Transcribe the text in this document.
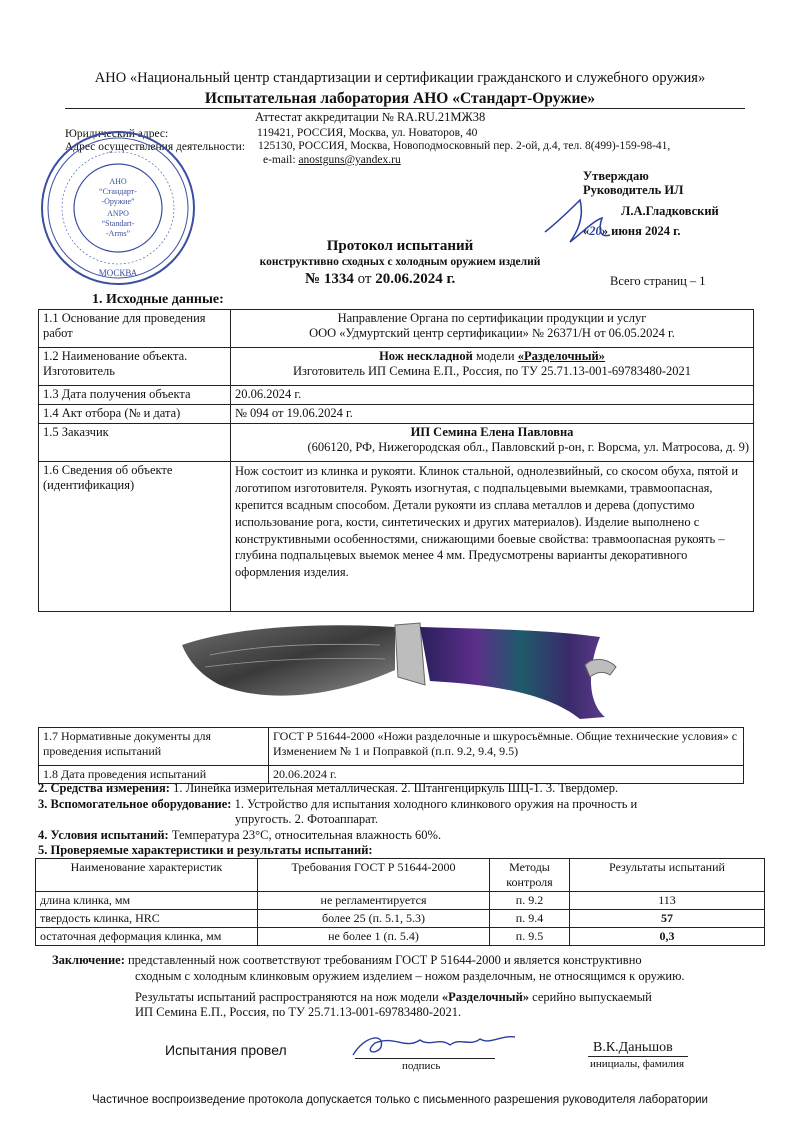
АНО «Национальный центр стандартизации и сертификации гражданского и служебного оружия»
Испытательная лаборатория АНО «Стандарт-Оружие»
Аттестат аккредитации № RA.RU.21МЖ38
Юридический адрес:	119421, РОССИЯ, Москва, ул. Новаторов, 40
Адрес осуществления деятельности: 125130, РОССИЯ, Москва, Новоподмосковный пер. 2-ой, д.4, тел. 8(499)-159-98-41,
e-mail: anostguns@yandex.ru
АНО
“Стандарт-
-Оружие”
ANPO
“Standart-
-Arms”
МОСКВА
Утверждаю
Руководитель ИЛ
Л.А.Гладковский
«20» июня 2024 г.
Протокол испытаний
конструктивно сходных с холодным оружием изделий
№ 1334 от 20.06.2024 г.	Всего страниц – 1
1. Исходные данные:
1.1 Основание для проведения работ	Направление Органа по сертификации продукции и услуг
ООО «Удмуртский центр сертификации» № 26371/Н от 06.05.2024 г.

1.2 Наименование объекта. Изготовитель	Нож нескладной модели «Разделочный»
Изготовитель ИП Семина Е.П., Россия, по ТУ 25.71.13-001-69783480-2021

1.3 Дата получения объекта	20.06.2024 г.
1.4 Акт отбора (№ и дата)	№ 094 от 19.06.2024 г.
1.5 Заказчик	ИП Семина Елена Павловна
(606120, РФ, Нижегородская обл., Павловский р-он, г. Ворсма, ул. Матросова, д. 9)

1.6 Сведения об объекте (идентификация)	Нож состоит из клинка и рукояти. Клинок стальной, однолезвийный, со скосом обуха, пятой и логотипом изготовителя. Рукоять изогнутая, с подпальцевыми выемками, травмоопасная, крепится всадным способом. Детали рукояти из сплава металлов и дерева (допустимо использование рога, кости, синтетических и других материалов). Изделие выполнено с конструктивными особенностями, снижающими боевые свойства: травмоопасная рукоять – глубина подпальцевых выемок менее 4 мм. Предусмотрены варианты декоративного оформления изделия.
1.7 Нормативные документы для проведения испытаний	ГОСТ Р 51644-2000 «Ножи разделочные и шкуросъёмные. Общие технические условия» с Изменением № 1 и Поправкой (п.п. 9.2, 9.4, 9.5)
1.8 Дата проведения испытаний	20.06.2024 г.
2. Средства измерения: 1. Линейка измерительная металлическая. 2. Штангенциркуль ШЦ-1. 3. Твердомер.
3. Вспомогательное оборудование: 1. Устройство для испытания холодного клинкового оружия на прочность и
упругость. 2. Фотоаппарат.
4. Условия испытаний: Температура 23°С, относительная влажность 60%.
5. Проверяемые характеристики и результаты испытаний:
Наименование характеристик	Требования ГОСТ Р 51644-2000	Методы контроля	Результаты испытаний
длина клинка, мм	не регламентируется	п. 9.2	113
твердость клинка, HRC	более 25 (п. 5.1, 5.3)	п. 9.4	57
остаточная деформация клинка, мм	не более 1 (п. 5.4)	п. 9.5	0,3
Заключение: представленный нож соответствуют требованиям ГОСТ Р 51644-2000 и является конструктивно
сходным с холодным клинковым оружием изделием – ножом разделочным, не относящимся к оружию.
Результаты испытаний распространяются на нож модели «Разделочный» серийно выпускаемый
ИП Семина Е.П., Россия, по ТУ 25.71.13-001-69783480-2021.
Испытания провел
подпись
В.К.Даньшов
инициалы, фамилия
Частичное воспроизведение протокола допускается только с письменного разрешения руководителя лаборатории
